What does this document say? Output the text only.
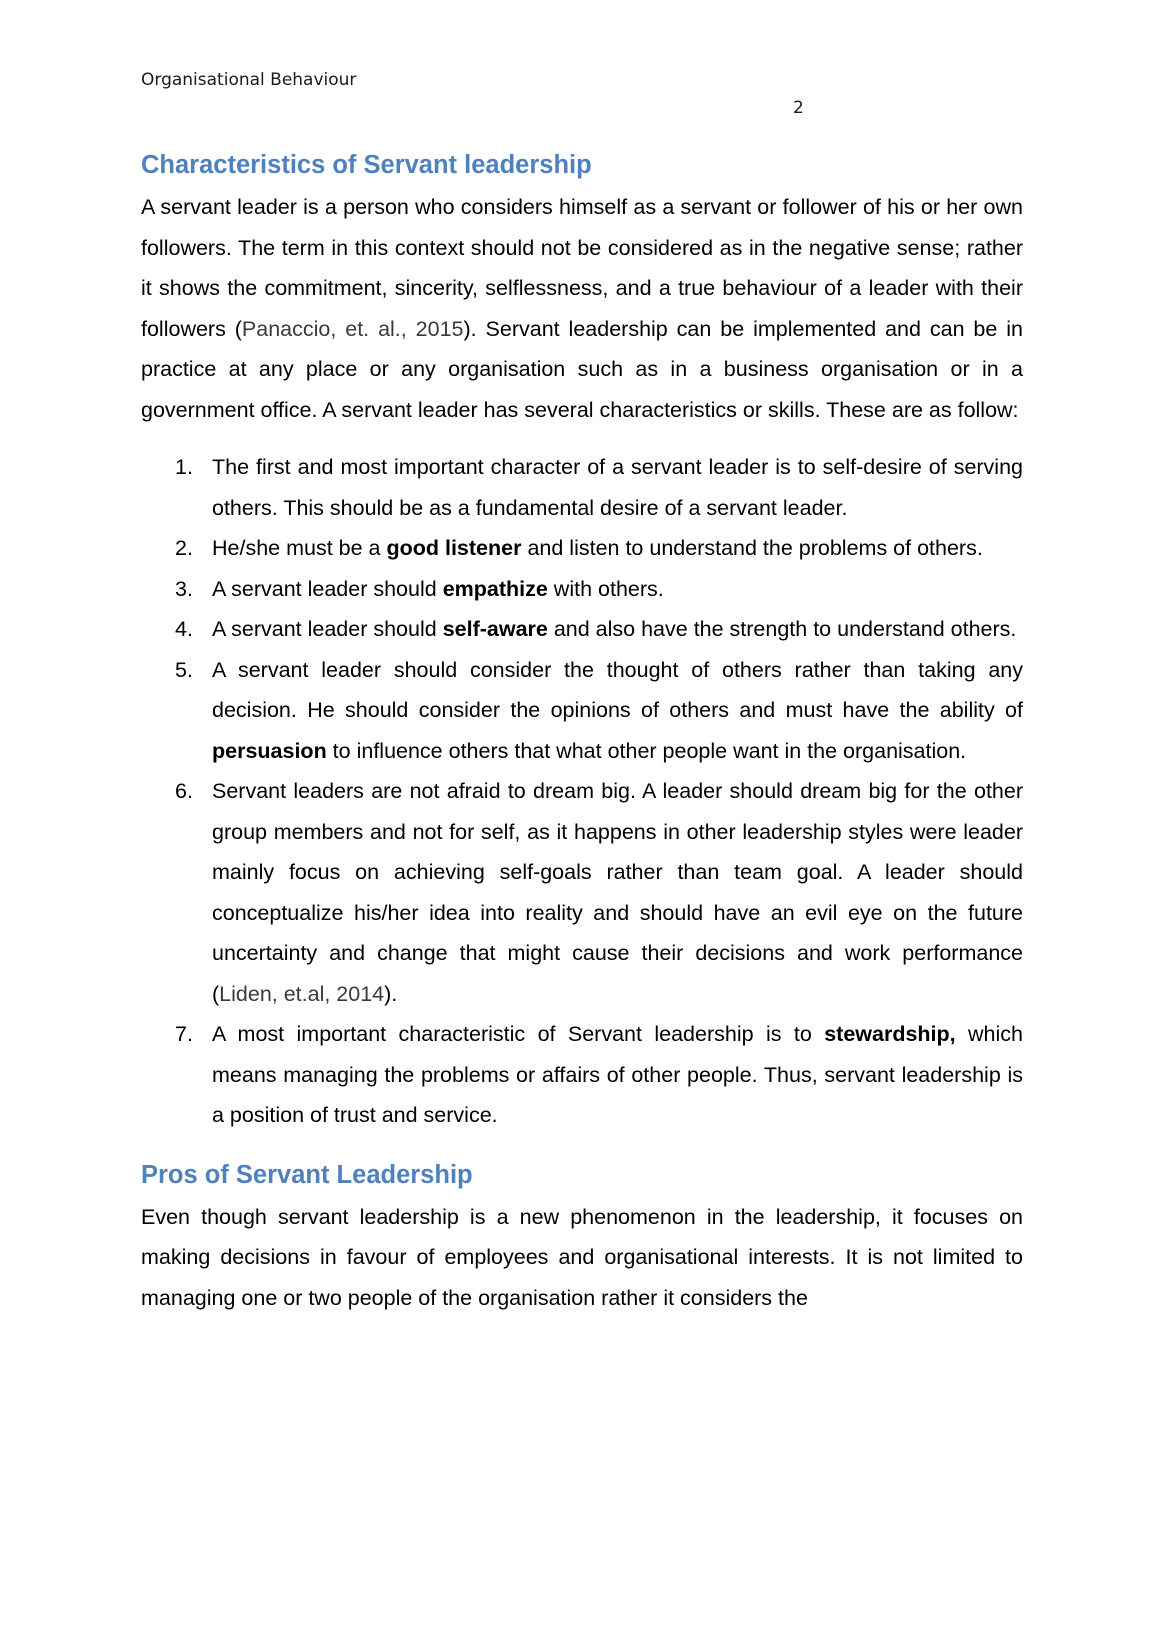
Organisational Behaviour
2
Characteristics of Servant leadership

A servant leader is a person who considers himself as a servant or follower of his or her own followers. The term in this context should not be considered as in the negative sense; rather it shows the commitment, sincerity, selflessness, and a true behaviour of a leader with their followers (Panaccio, et. al., 2015). Servant leadership can be implemented and can be in practice at any place or any organisation such as in a business organisation or in a government office. A servant leader has several characteristics or skills. These are as follow:

1. The first and most important character of a servant leader is to self-desire of serving others. This should be as a fundamental desire of a servant leader.
2. He/she must be a good listener and listen to understand the problems of others.
3. A servant leader should empathize with others.
4. A servant leader should self-aware and also have the strength to understand others.
5. A servant leader should consider the thought of others rather than taking any decision. He should consider the opinions of others and must have the ability of persuasion to influence others that what other people want in the organisation.
6. Servant leaders are not afraid to dream big. A leader should dream big for the other group members and not for self, as it happens in other leadership styles were leader mainly focus on achieving self-goals rather than team goal. A leader should conceptualize his/her idea into reality and should have an evil eye on the future uncertainty and change that might cause their decisions and work performance (Liden, et.al, 2014).
7. A most important characteristic of Servant leadership is to stewardship, which means managing the problems or affairs of other people. Thus, servant leadership is a position of trust and service.
Pros of Servant Leadership

Even though servant leadership is a new phenomenon in the leadership, it focuses on making decisions in favour of employees and organisational interests. It is not limited to managing one or two people of the organisation rather it considers the
